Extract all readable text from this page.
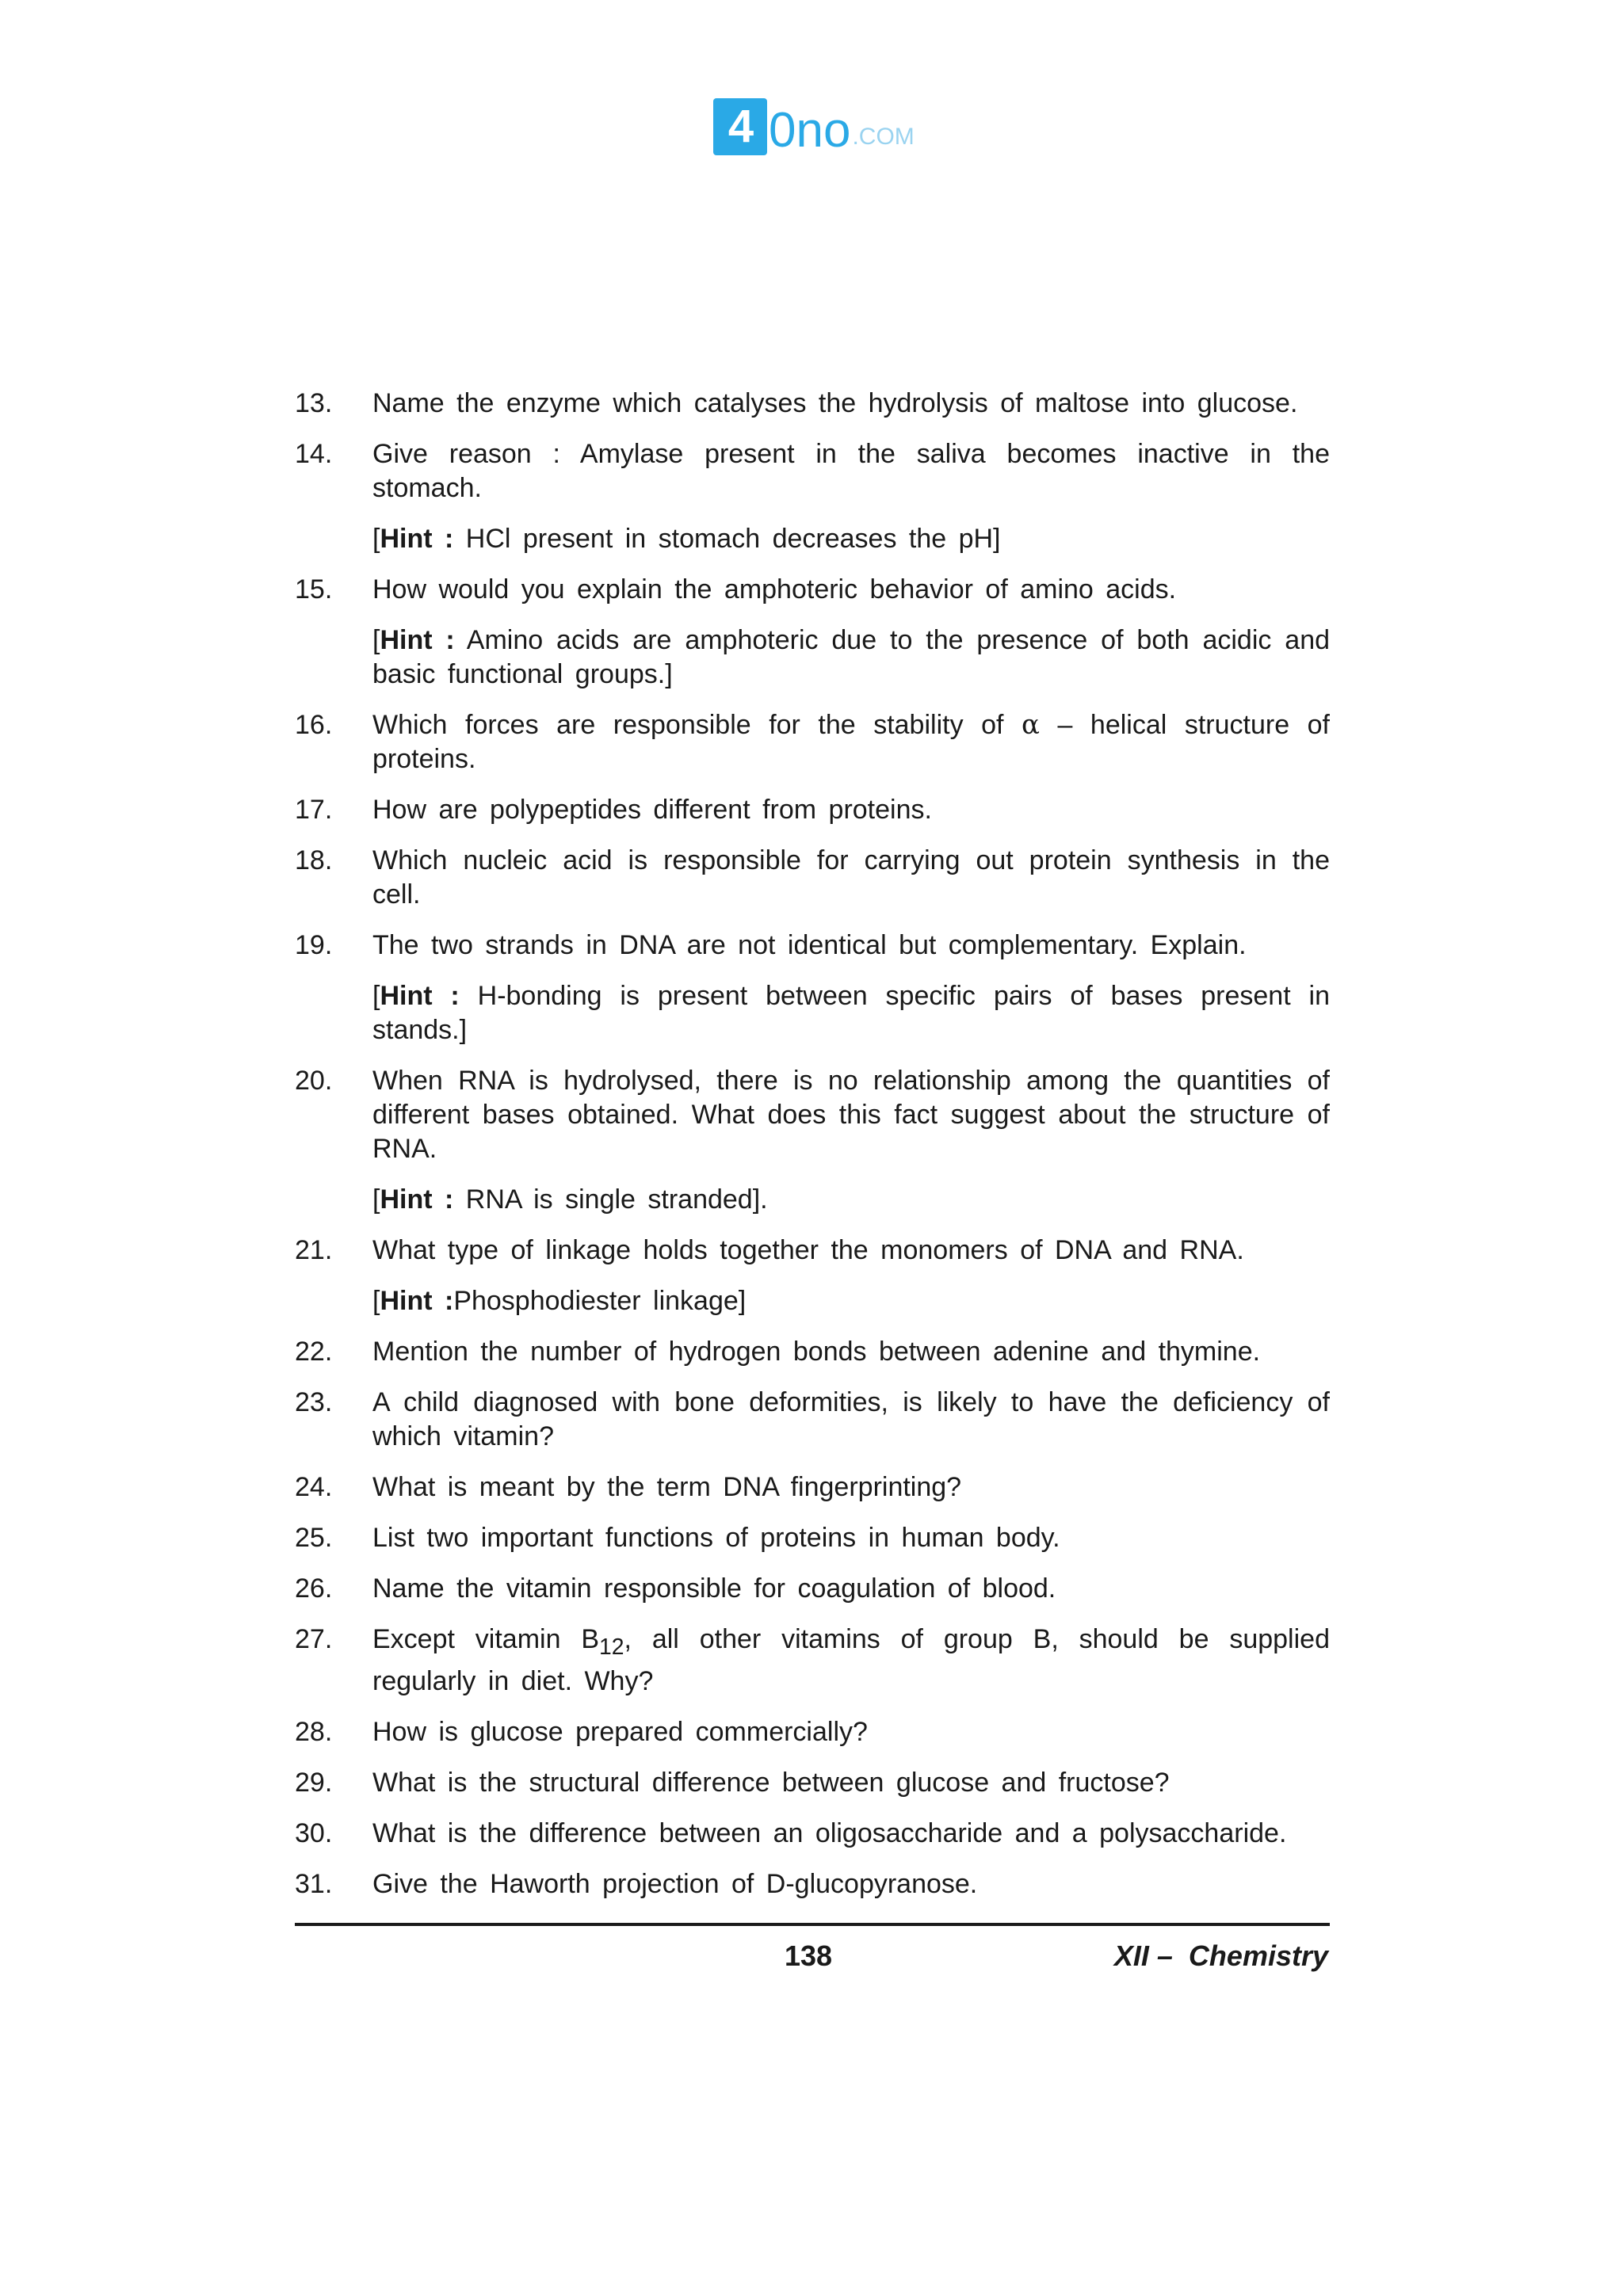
4 0no .COM
13.	Name the enzyme which catalyses the hydrolysis of maltose into glucose.
14.	Give reason : Amylase present in the saliva becomes inactive in the stomach.
[Hint : HCl present in stomach decreases the pH]
15.	How would you explain the amphoteric behavior of amino acids.
[Hint : Amino acids are amphoteric due to the presence of both acidic and basic functional groups.]
16.	Which forces are responsible for the stability of α – helical structure of proteins.
17.	How are polypeptides different from proteins.
18.	Which nucleic acid is responsible for carrying out protein synthesis in the cell.
19.	The two strands in DNA are not identical but complementary. Explain.
[Hint : H-bonding is present between specific pairs of bases present in stands.]
20.	When RNA is hydrolysed, there is no relationship among the quantities of different bases obtained. What does this fact suggest about the structure of RNA.
[Hint : RNA is single stranded].
21.	What type of linkage holds together the monomers of DNA and RNA.
[Hint :Phosphodiester linkage]
22.	Mention the number of hydrogen bonds between adenine and thymine.
23.	A child diagnosed with bone deformities, is likely to have the deficiency of which vitamin?
24.	What is meant by the term DNA fingerprinting?
25.	List two important functions of proteins in human body.
26.	Name the vitamin responsible for coagulation of blood.
27.	Except vitamin $B_{12}$, all other vitamins of group B, should be supplied regularly in diet. Why?
28.	How is glucose prepared commercially?
29.	What is the structural difference between glucose and fructose?
30.	What is the difference between an oligosaccharide and a polysaccharide.
31.	Give the Haworth projection of D-glucopyranose.
138	XII –  Chemistry
